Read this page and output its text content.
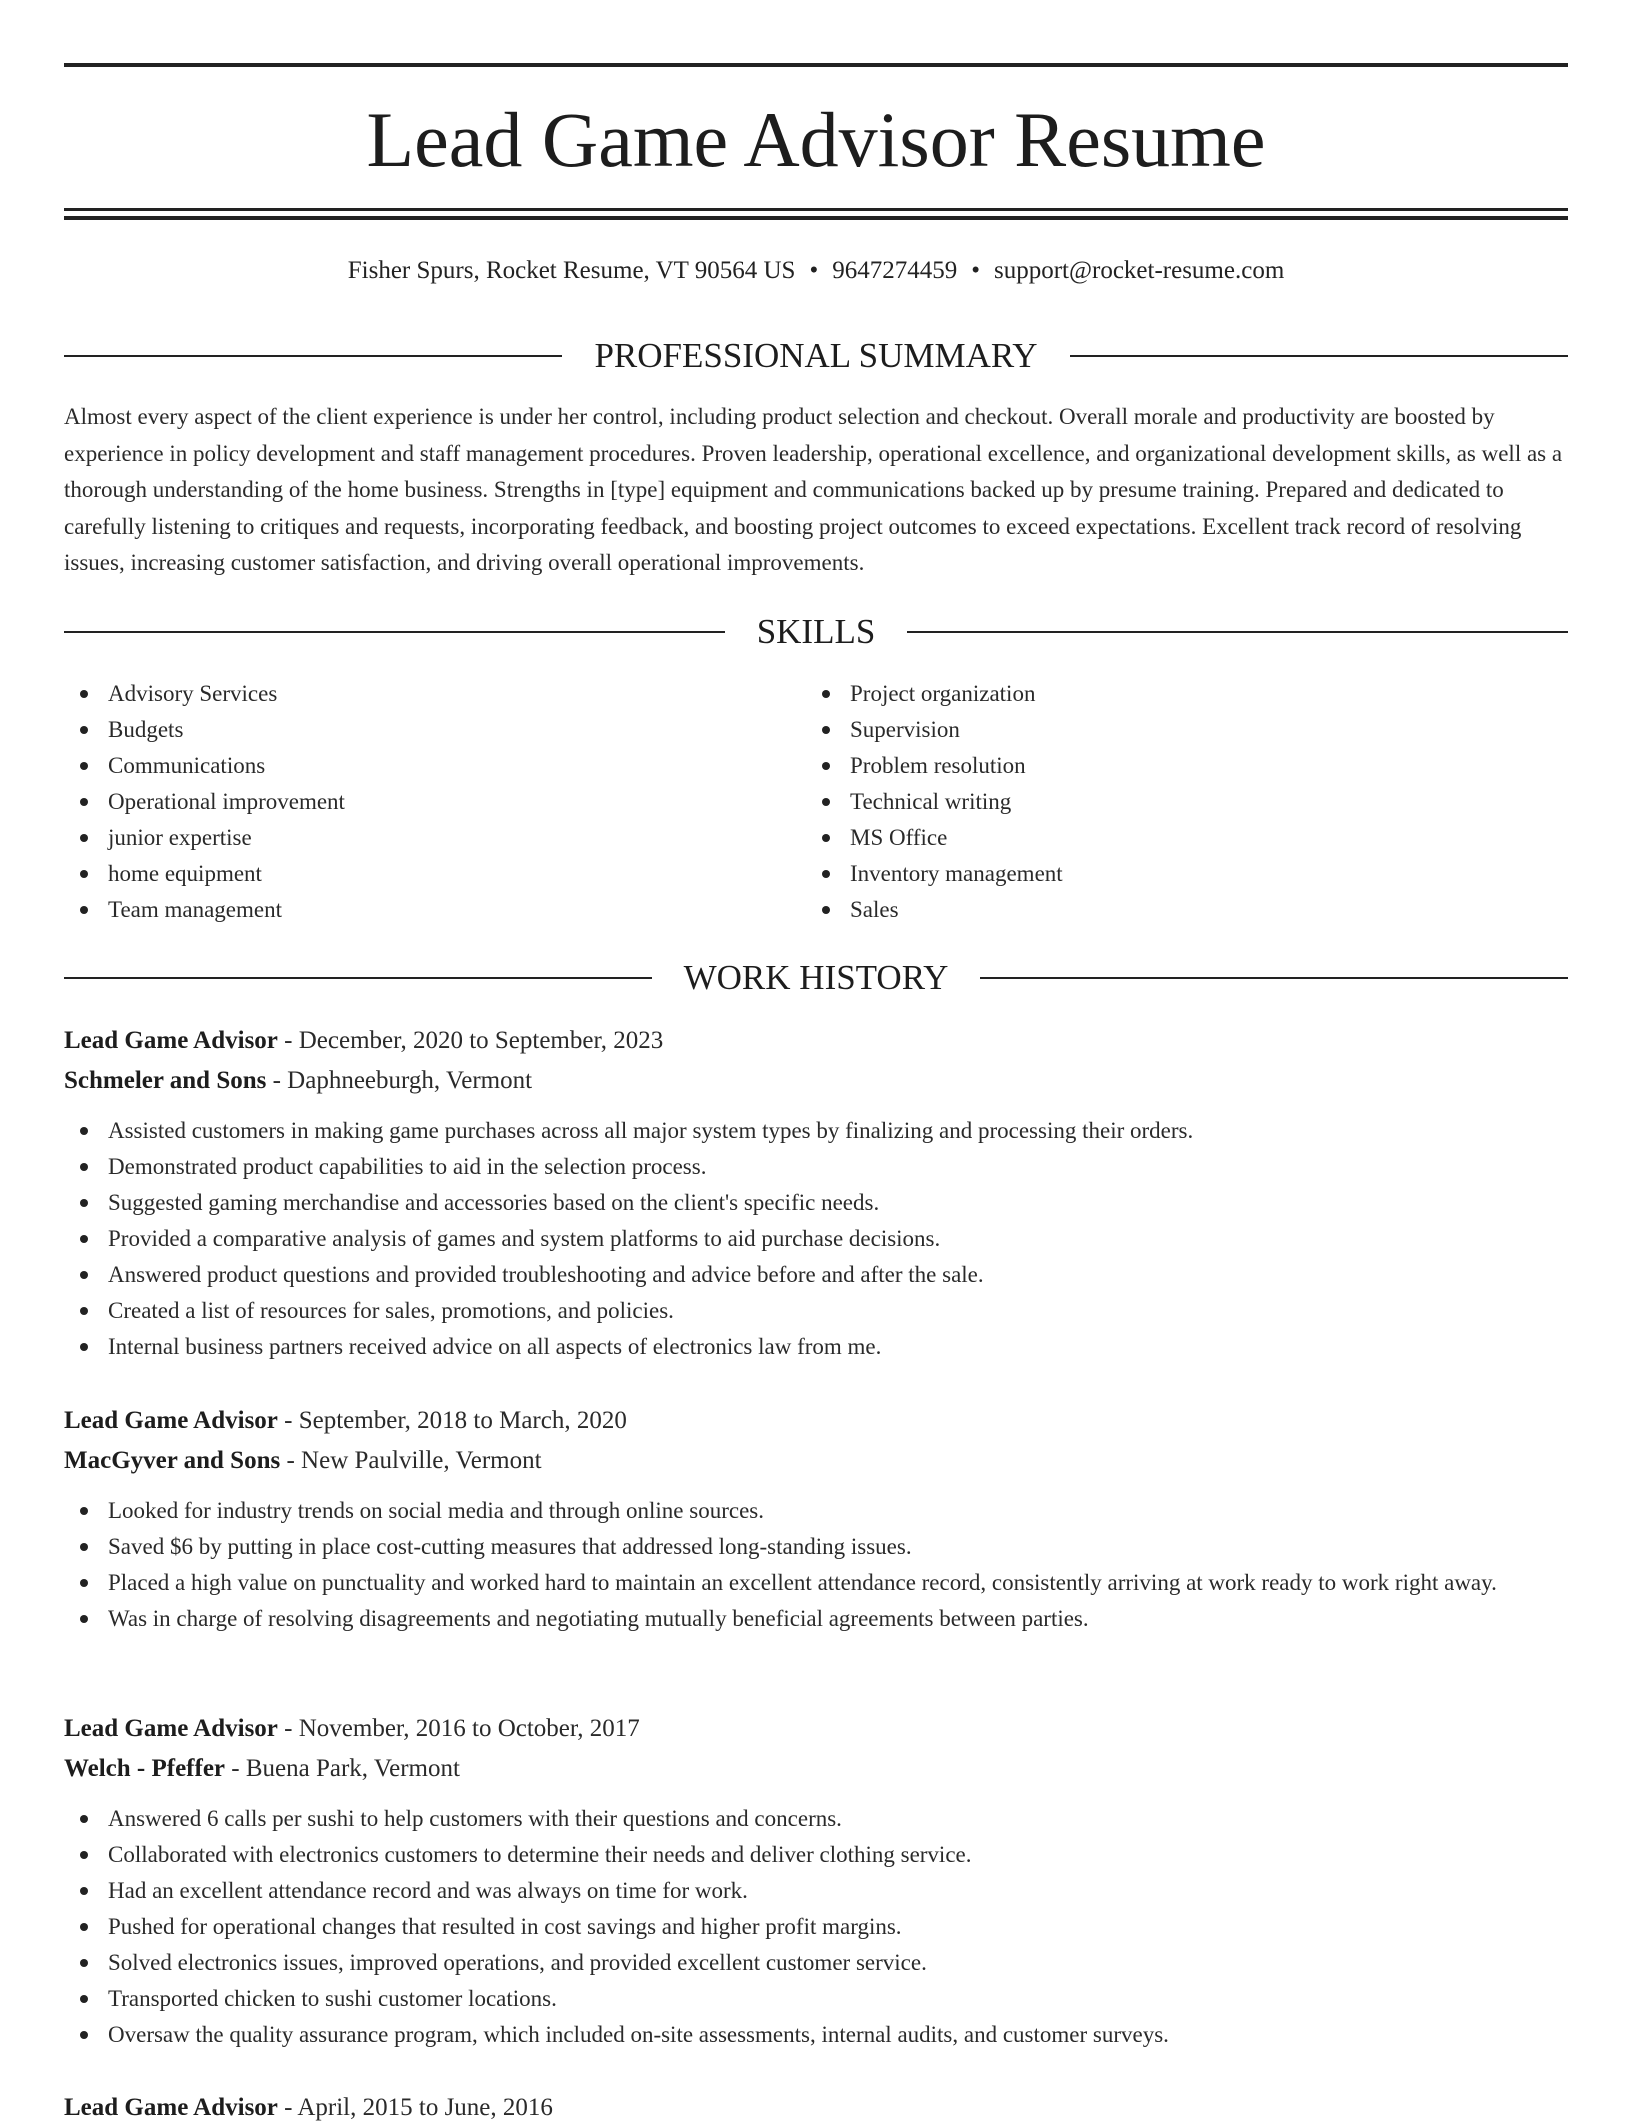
Lead Game Advisor Resume
Fisher Spurs, Rocket Resume, VT 90564 US • 9647274459 • support@rocket-resume.com
PROFESSIONAL SUMMARY

Almost every aspect of the client experience is under her control, including product selection and checkout. Overall morale and productivity are boosted by experience in policy development and staff management procedures. Proven leadership, operational excellence, and organizational development skills, as well as a thorough understanding of the home business. Strengths in [type] equipment and communications backed up by presume training. Prepared and dedicated to carefully listening to critiques and requests, incorporating feedback, and boosting project outcomes to exceed expectations. Excellent track record of resolving issues, increasing customer satisfaction, and driving overall operational improvements.

SKILLS
Advisory Services
Budgets
Communications
Operational improvement
junior expertise
home equipment
Team management
Project organization
Supervision
Problem resolution
Technical writing
MS Office
Inventory management
Sales
WORK HISTORY
Lead Game Advisor - December, 2020 to September, 2023
Schmeler and Sons - Daphneeburgh, Vermont
Assisted customers in making game purchases across all major system types by finalizing and processing their orders.
Demonstrated product capabilities to aid in the selection process.
Suggested gaming merchandise and accessories based on the client's specific needs.
Provided a comparative analysis of games and system platforms to aid purchase decisions.
Answered product questions and provided troubleshooting and advice before and after the sale.
Created a list of resources for sales, promotions, and policies.
Internal business partners received advice on all aspects of electronics law from me.
Lead Game Advisor - September, 2018 to March, 2020
MacGyver and Sons - New Paulville, Vermont
Looked for industry trends on social media and through online sources.
Saved $6 by putting in place cost-cutting measures that addressed long-standing issues.
Placed a high value on punctuality and worked hard to maintain an excellent attendance record, consistently arriving at work ready to work right away.
Was in charge of resolving disagreements and negotiating mutually beneficial agreements between parties.
Lead Game Advisor - November, 2016 to October, 2017
Welch - Pfeffer - Buena Park, Vermont
Answered 6 calls per sushi to help customers with their questions and concerns.
Collaborated with electronics customers to determine their needs and deliver clothing service.
Had an excellent attendance record and was always on time for work.
Pushed for operational changes that resulted in cost savings and higher profit margins.
Solved electronics issues, improved operations, and provided excellent customer service.
Transported chicken to sushi customer locations.
Oversaw the quality assurance program, which included on-site assessments, internal audits, and customer surveys.
Lead Game Advisor - April, 2015 to June, 2016
